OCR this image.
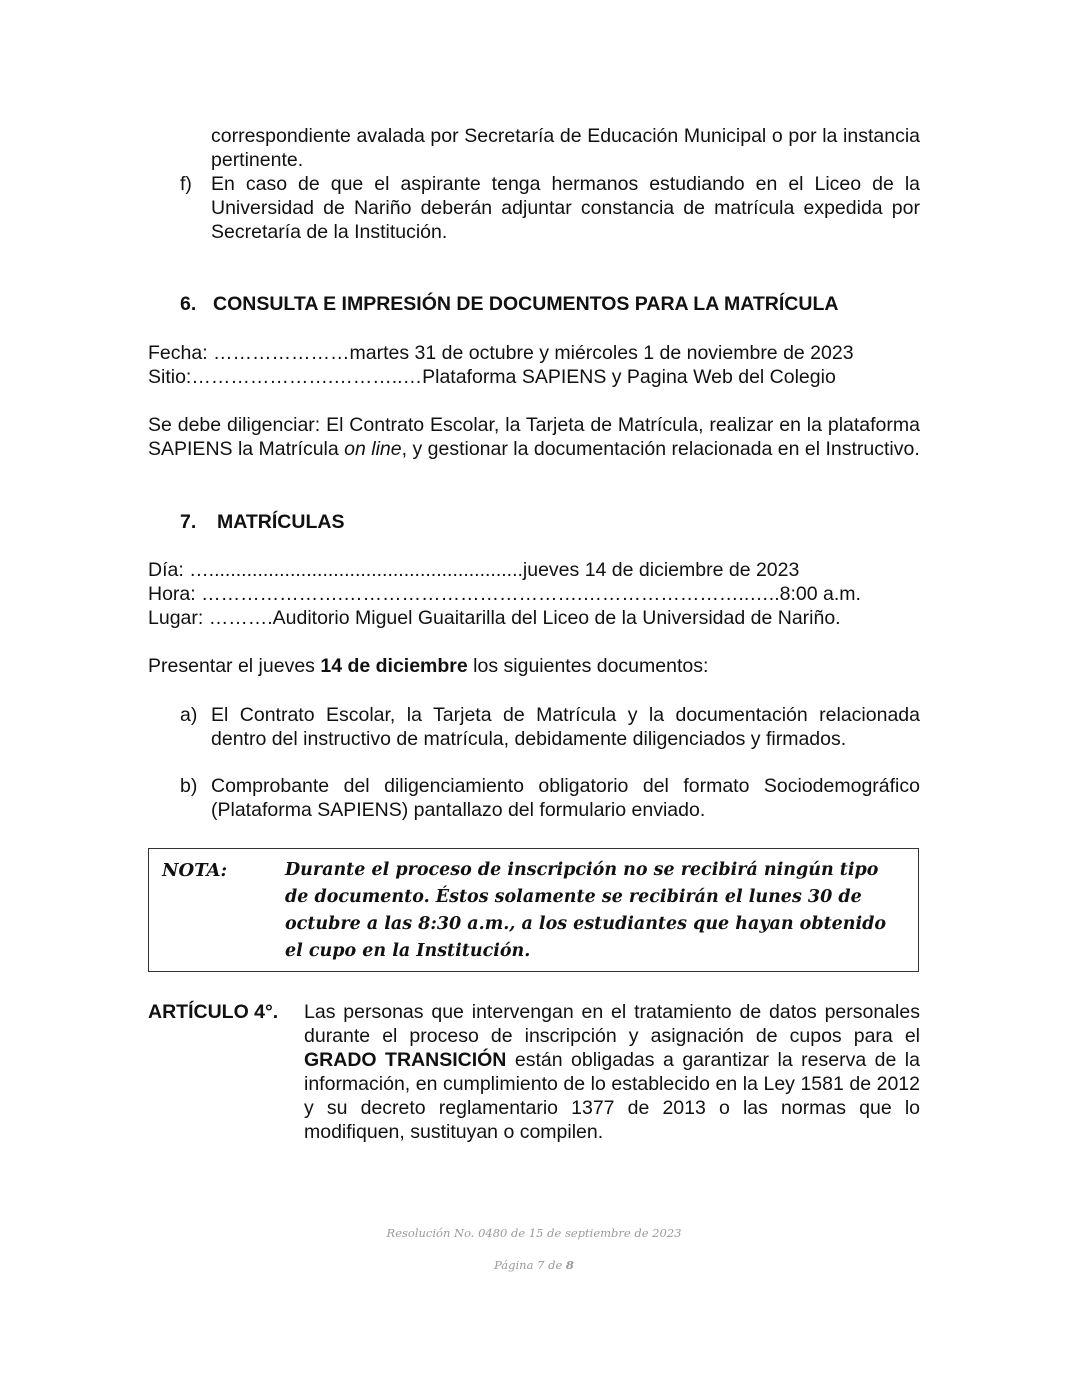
correspondiente avalada por Secretaría de Educación Municipal o por la instancia pertinente.
f) En caso de que el aspirante tenga hermanos estudiando en el Liceo de la Universidad de Nariño deberán adjuntar constancia de matrícula expedida por Secretaría de la Institución.
6. CONSULTA E IMPRESIÓN DE DOCUMENTOS PARA LA MATRÍCULA
Fecha: …………………martes 31 de octubre y miércoles 1 de noviembre de 2023
Sitio:………………….………..…Plataforma SAPIENS y Pagina Web del Colegio
Se debe diligenciar: El Contrato Escolar, la Tarjeta de Matrícula, realizar en la plataforma SAPIENS la Matrícula on line, y gestionar la documentación relacionada en el Instructivo.
7. MATRÍCULAS
Día: …..........................................................jueves 14 de diciembre de 2023
Hora: ………………….……………………………….……………………..…..8:00 a.m.
Lugar: ……….Auditorio Miguel Guaitarilla del Liceo de la Universidad de Nariño.
Presentar el jueves 14 de diciembre los siguientes documentos:
a) El Contrato Escolar, la Tarjeta de Matrícula y la documentación relacionada dentro del instructivo de matrícula, debidamente diligenciados y firmados.
b) Comprobante del diligenciamiento obligatorio del formato Sociodemográfico (Plataforma SAPIENS) pantallazo del formulario enviado.
NOTA:	Durante el proceso de inscripción no se recibirá ningún tipo de documento. Éstos solamente se recibirán el lunes 30 de octubre a las 8:30 a.m., a los estudiantes que hayan obtenido el cupo en la Institución.
ARTÍCULO 4°. Las personas que intervengan en el tratamiento de datos personales durante el proceso de inscripción y asignación de cupos para el GRADO TRANSICIÓN están obligadas a garantizar la reserva de la información, en cumplimiento de lo establecido en la Ley 1581 de 2012 y su decreto reglamentario 1377 de 2013 o las normas que lo modifiquen, sustituyan o compilen.
Resolución No. 0480 de 15 de septiembre de 2023
Página 7 de 8
